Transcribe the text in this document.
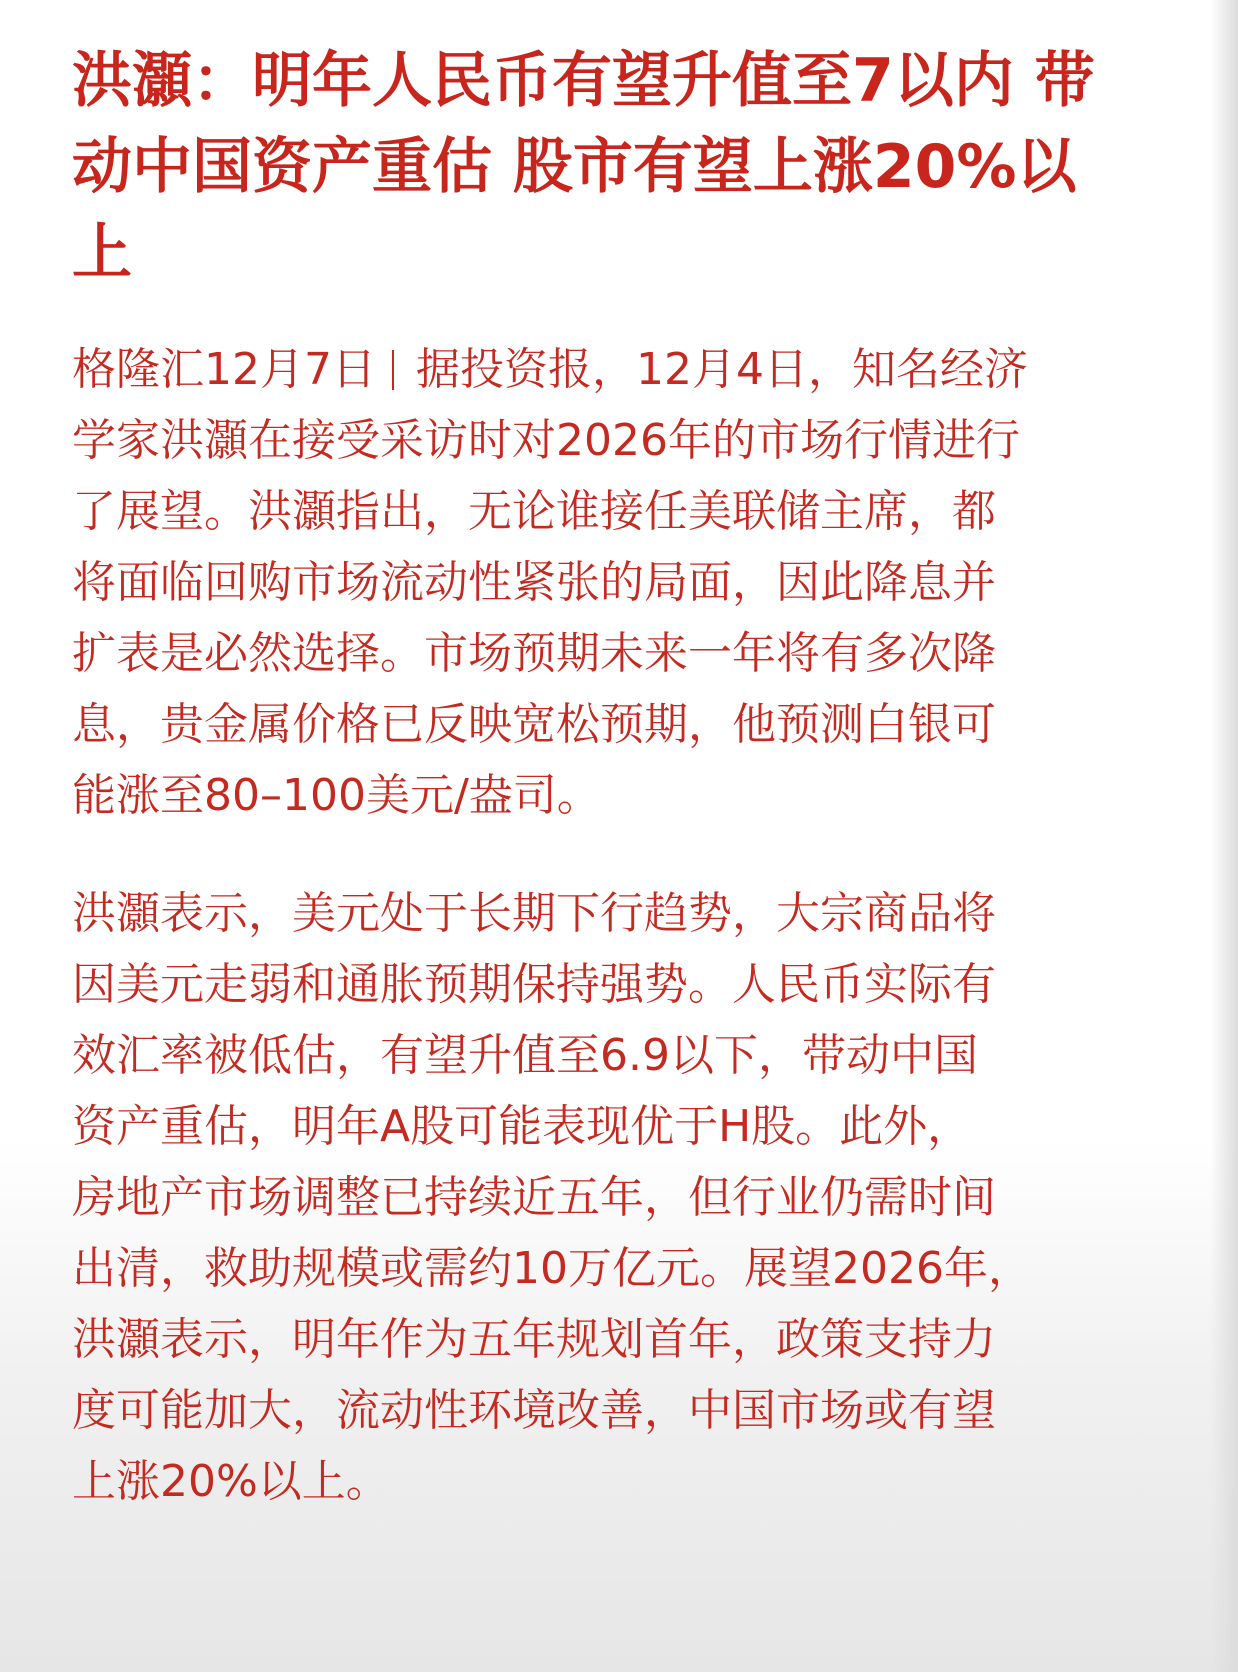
洪灝：明年人民币有望升值至7以内 带
动中国资产重估 股市有望上涨20%以
上

格隆汇12月7日 据投资报，12月4日，知名经济
学家洪灝在接受采访时对2026年的市场行情进行
了展望。洪灝指出，无论谁接任美联储主席，都
将面临回购市场流动性紧张的局面，因此降息并
扩表是必然选择。市场预期未来一年将有多次降
息，贵金属价格已反映宽松预期，他预测白银可
能涨至80–100美元/盎司。

洪灝表示，美元处于长期下行趋势，大宗商品将
因美元走弱和通胀预期保持强势。人民币实际有
效汇率被低估，有望升值至6.9以下，带动中国
资产重估，明年A股可能表现优于H股。此外，
房地产市场调整已持续近五年，但行业仍需时间
出清，救助规模或需约10万亿元。展望2026年，
洪灝表示，明年作为五年规划首年，政策支持力
度可能加大，流动性环境改善，中国市场或有望
上涨20%以上。
